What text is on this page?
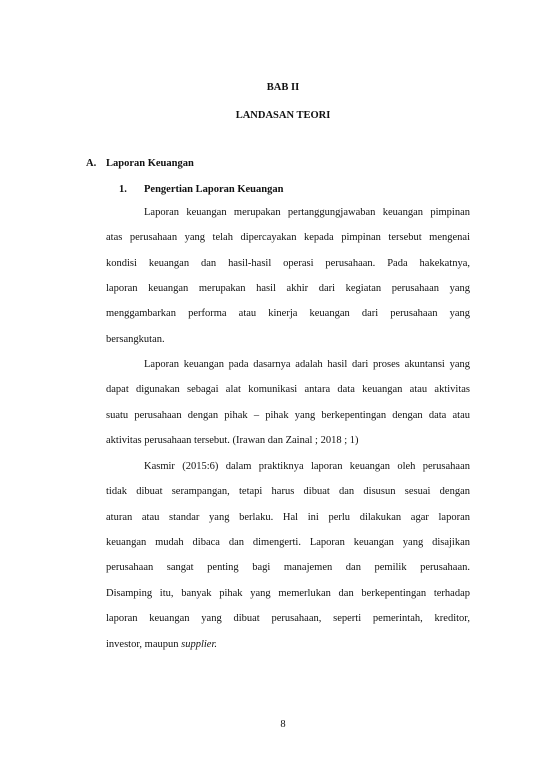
BAB II
LANDASAN TEORI
A. Laporan Keuangan
1. Pengertian Laporan Keuangan
Laporan keuangan merupakan pertanggungjawaban keuangan pimpinan
atas perusahaan yang telah dipercayakan kepada pimpinan tersebut mengenai
kondisi keuangan dan hasil-hasil operasi perusahaan. Pada hakekatnya,
laporan keuangan merupakan hasil akhir dari kegiatan perusahaan yang
menggambarkan performa atau kinerja keuangan dari perusahaan yang
bersangkutan.
Laporan keuangan pada dasarnya adalah hasil dari proses akuntansi yang
dapat digunakan sebagai alat komunikasi antara data keuangan atau aktivitas
suatu perusahaan dengan pihak – pihak yang berkepentingan dengan data atau
aktivitas perusahaan tersebut. (Irawan dan Zainal ; 2018 ; 1)
Kasmir (2015:6) dalam praktiknya laporan keuangan oleh perusahaan
tidak dibuat serampangan, tetapi harus dibuat dan disusun sesuai dengan
aturan atau standar yang berlaku. Hal ini perlu dilakukan agar laporan
keuangan mudah dibaca dan dimengerti. Laporan keuangan yang disajikan
perusahaan sangat penting bagi manajemen dan pemilik perusahaan.
Disamping itu, banyak pihak yang memerlukan dan berkepentingan terhadap
laporan keuangan yang dibuat perusahaan, seperti pemerintah, kreditor,
investor, maupun supplier.
8
